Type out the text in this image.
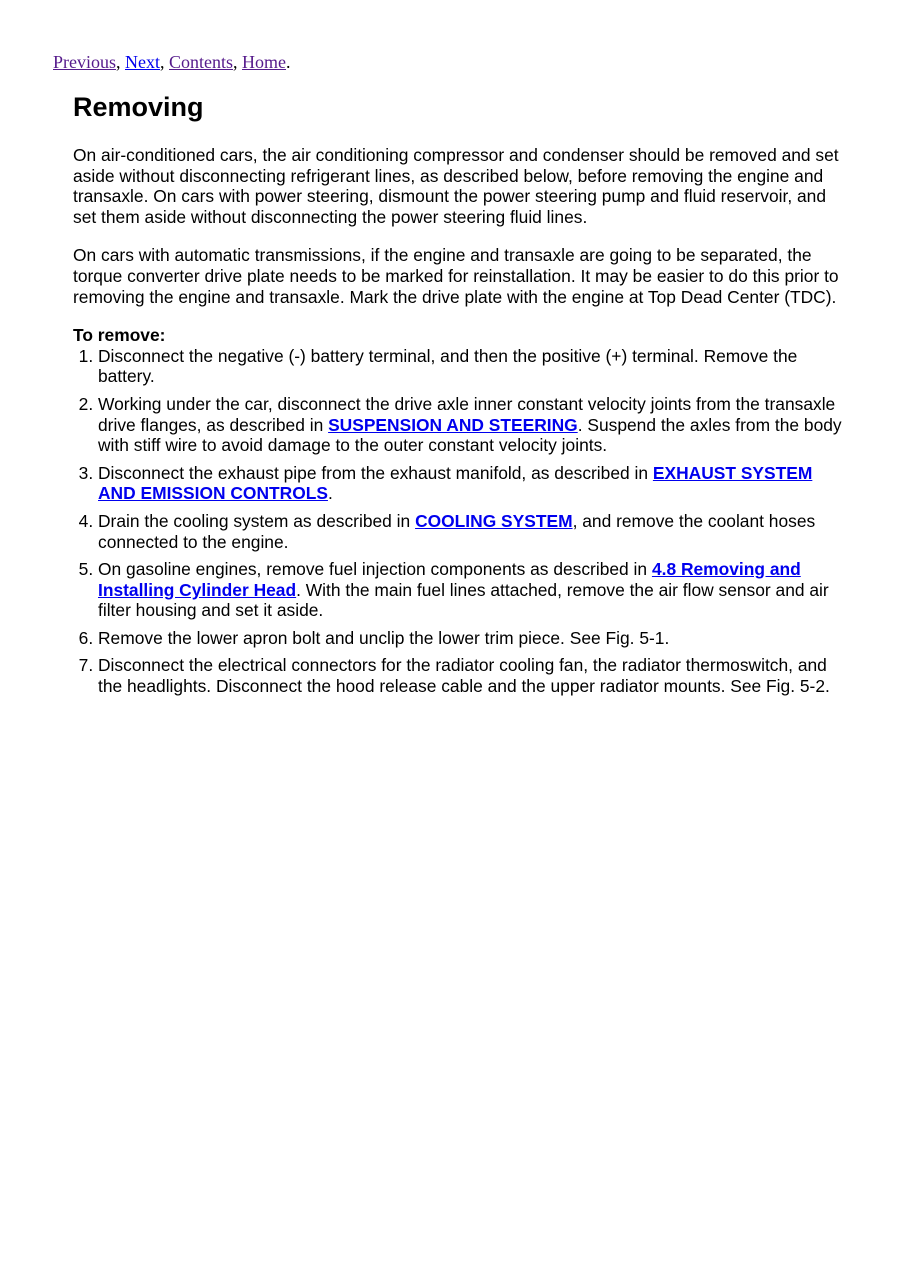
Previous, Next, Contents, Home.
Removing

On air-conditioned cars, the air conditioning compressor and condenser should be removed and set aside without disconnecting refrigerant lines, as described below, before removing the engine and transaxle. On cars with power steering, dismount the power steering pump and fluid reservoir, and set them aside without disconnecting the power steering fluid lines.

On cars with automatic transmissions, if the engine and transaxle are going to be separated, the torque converter drive plate needs to be marked for reinstallation. It may be easier to do this prior to removing the engine and transaxle. Mark the drive plate with the engine at Top Dead Center (TDC).

To remove:
1. Disconnect the negative (-) battery terminal, and then the positive (+) terminal. Remove the battery.
2. Working under the car, disconnect the drive axle inner constant velocity joints from the transaxle drive flanges, as described in SUSPENSION AND STEERING. Suspend the axles from the body with stiff wire to avoid damage to the outer constant velocity joints.
3. Disconnect the exhaust pipe from the exhaust manifold, as described in EXHAUST SYSTEM AND EMISSION CONTROLS.
4. Drain the cooling system as described in COOLING SYSTEM, and remove the coolant hoses connected to the engine.
5. On gasoline engines, remove fuel injection components as described in 4.8 Removing and Installing Cylinder Head. With the main fuel lines attached, remove the air flow sensor and air filter housing and set it aside.
6. Remove the lower apron bolt and unclip the lower trim piece. See Fig. 5-1.
7. Disconnect the electrical connectors for the radiator cooling fan, the radiator thermoswitch, and the headlights. Disconnect the hood release cable and the upper radiator mounts. See Fig. 5-2.
